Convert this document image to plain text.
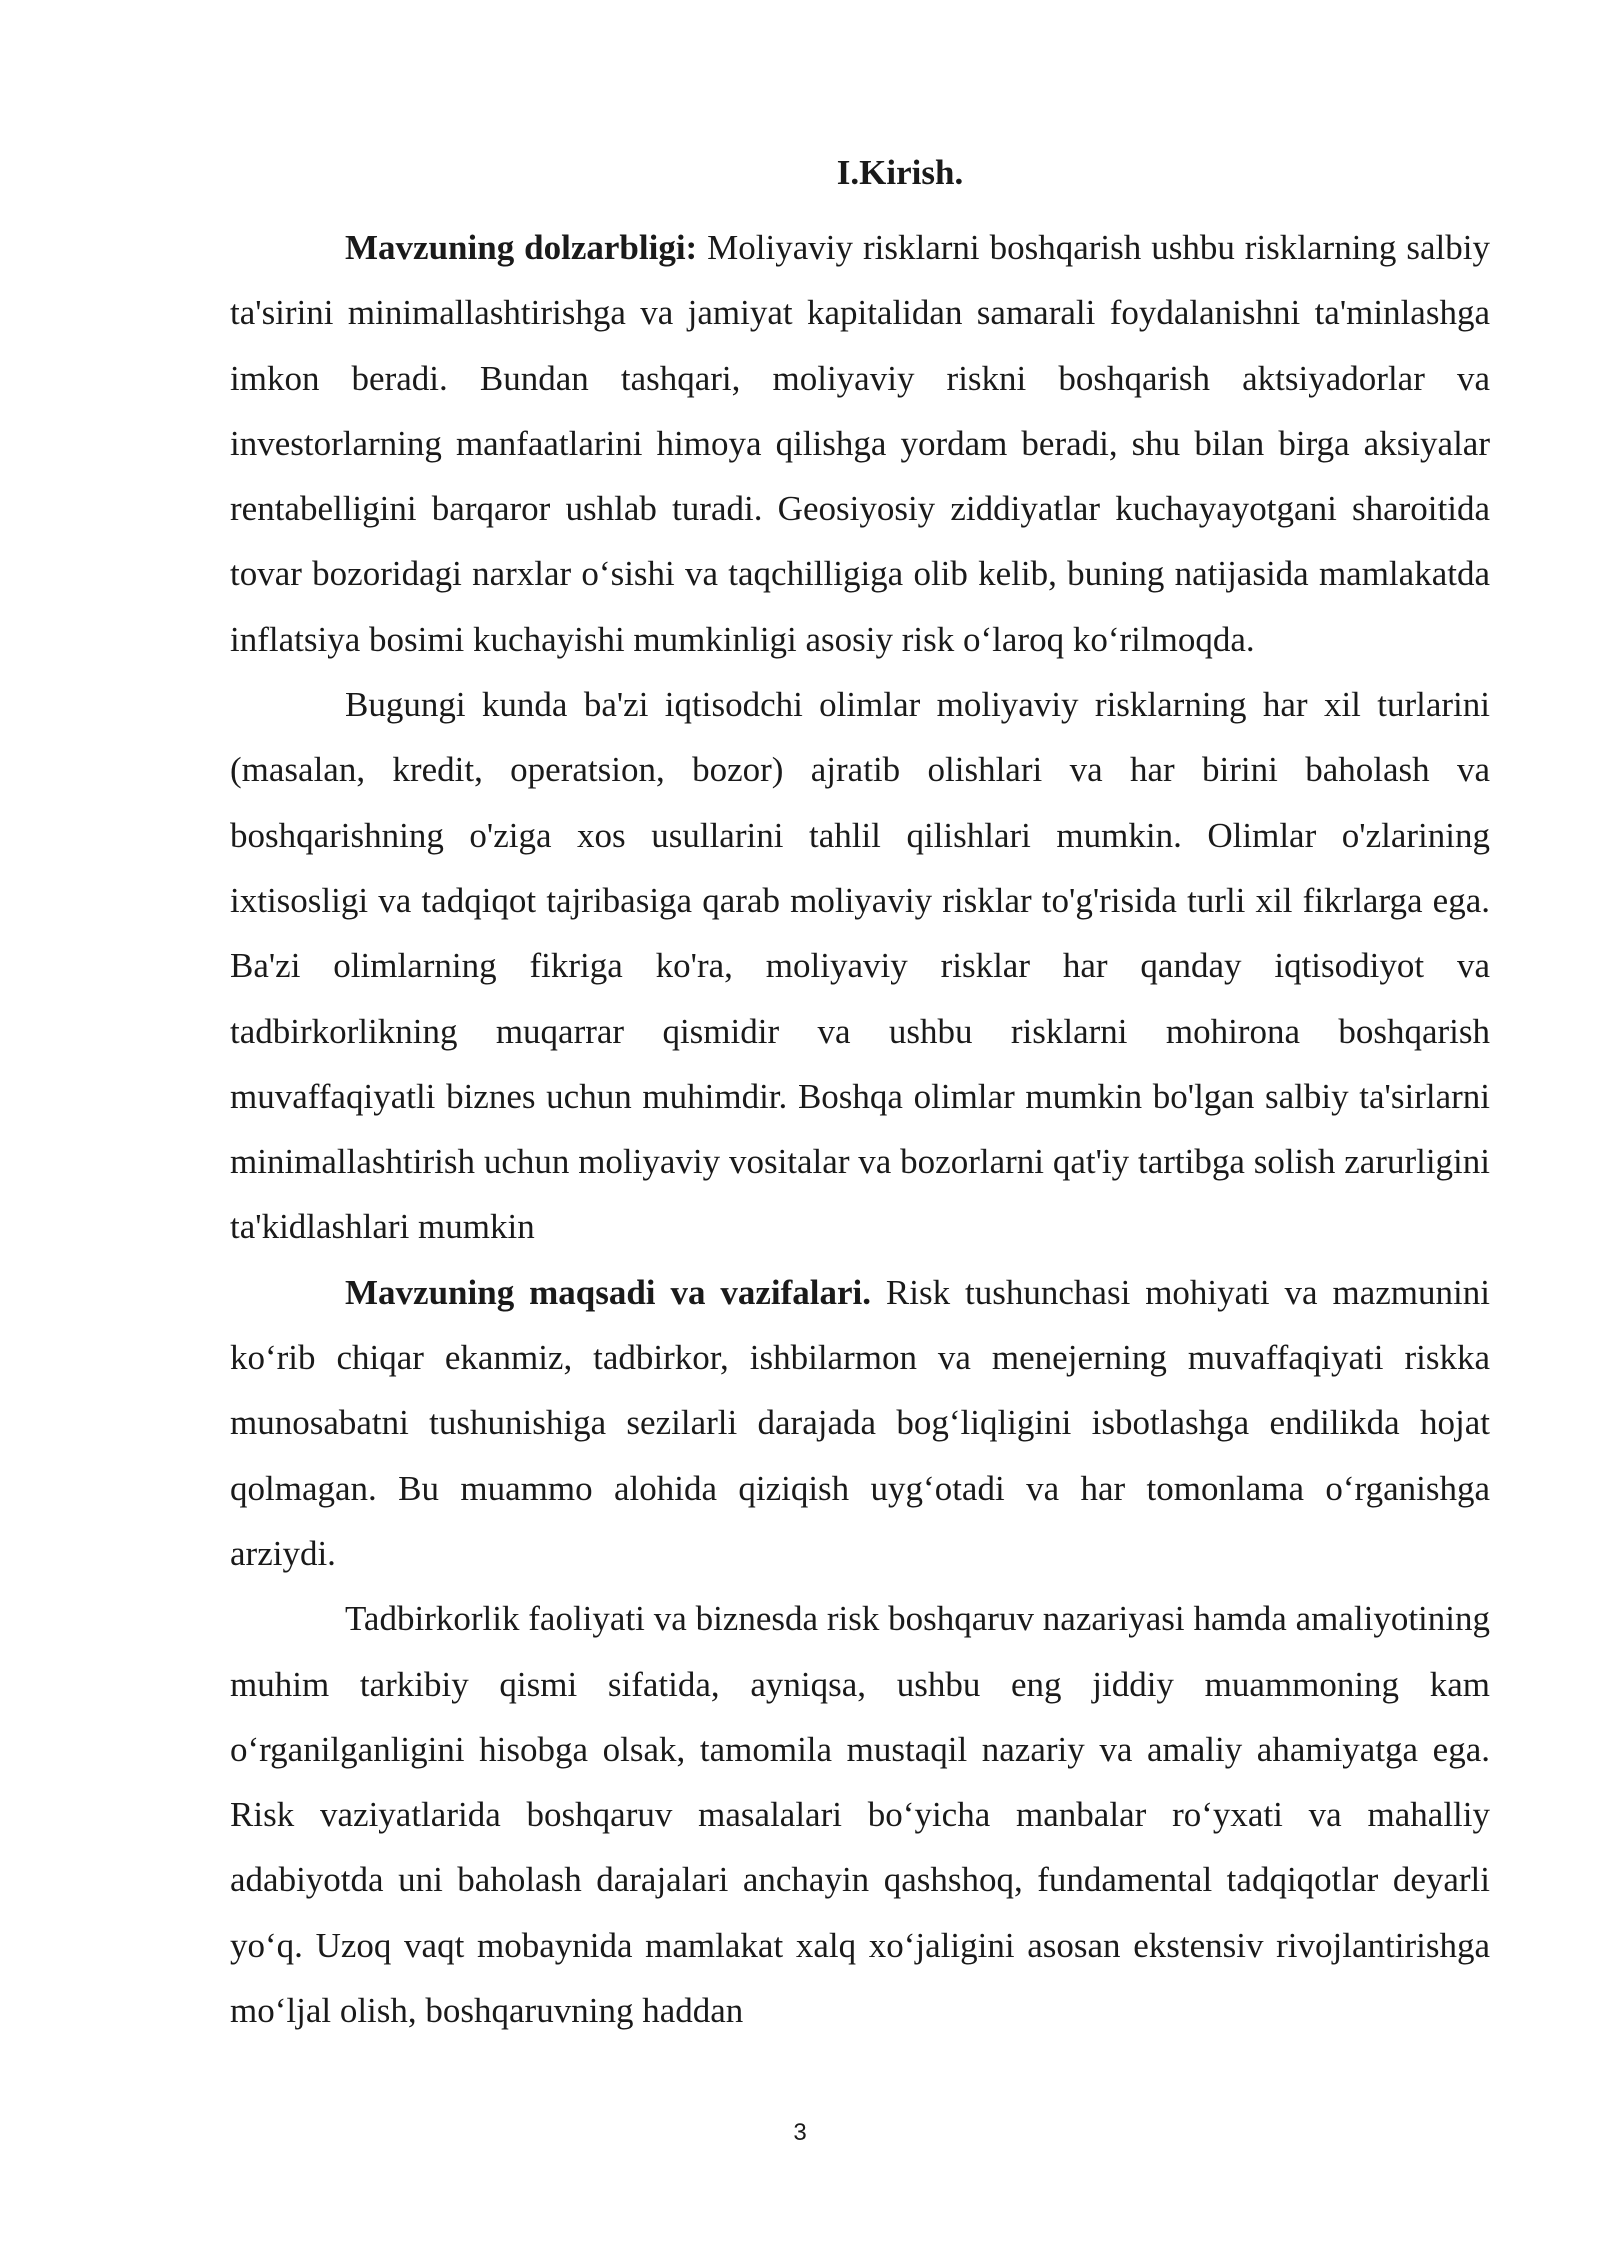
I.Kirish.

Mavzuning dolzarbligi: Moliyaviy risklarni boshqarish ushbu risklarning salbiy ta'sirini minimallashtirishga va jamiyat kapitalidan samarali foydalanishni ta'minlashga imkon beradi. Bundan tashqari, moliyaviy riskni boshqarish aktsiyadorlar va investorlarning manfaatlarini himoya qilishga yordam beradi, shu bilan birga aksiyalar rentabelligini barqaror ushlab turadi. Geosiyosiy ziddiyatlar kuchayayotgani sharoitida tovar bozoridagi narxlar o‘sishi va taqchilligiga olib kelib, buning natijasida mamlakatda inflatsiya bosimi kuchayishi mumkinligi asosiy risk o‘laroq ko‘rilmoqda.

Bugungi kunda ba'zi iqtisodchi olimlar moliyaviy risklarning har xil turlarini (masalan, kredit, operatsion, bozor) ajratib olishlari va har birini baholash va boshqarishning o'ziga xos usullarini tahlil qilishlari mumkin. Olimlar o'zlarining ixtisosligi va tadqiqot tajribasiga qarab moliyaviy risklar to'g'risida turli xil fikrlarga ega. Ba'zi olimlarning fikriga ko'ra, moliyaviy risklar har qanday iqtisodiyot va tadbirkorlikning muqarrar qismidir va ushbu risklarni mohirona boshqarish muvaffaqiyatli biznes uchun muhimdir. Boshqa olimlar mumkin bo'lgan salbiy ta'sirlarni minimallashtirish uchun moliyaviy vositalar va bozorlarni qat'iy tartibga solish zarurligini ta'kidlashlari mumkin

Mavzuning maqsadi va vazifalari. Risk tushunchasi mohiyati va mazmunini ko‘rib chiqar ekanmiz, tadbirkor, ishbilarmon va menejerning muvaffaqiyati riskka munosabatni tushunishiga sezilarli darajada bog‘liqligini isbotlashga endilikda hojat qolmagan. Bu muammo alohida qiziqish uyg‘otadi va har tomonlama o‘rganishga arziydi.

Tadbirkorlik faoliyati va biznesda risk boshqaruv nazariyasi hamda amaliyotining muhim tarkibiy qismi sifatida, ayniqsa, ushbu eng jiddiy muammoning kam o‘rganilganligini hisobga olsak, tamomila mustaqil nazariy va amaliy ahamiyatga ega. Risk vaziyatlarida boshqaruv masalalari bo‘yicha manbalar ro‘yxati va mahalliy adabiyotda uni baholash darajalari anchayin qashshoq, fundamental tadqiqotlar deyarli yo‘q. Uzoq vaqt mobaynida mamlakat xalq xo‘jaligini asosan ekstensiv rivojlantirishga mo‘ljal olish, boshqaruvning haddan

3
